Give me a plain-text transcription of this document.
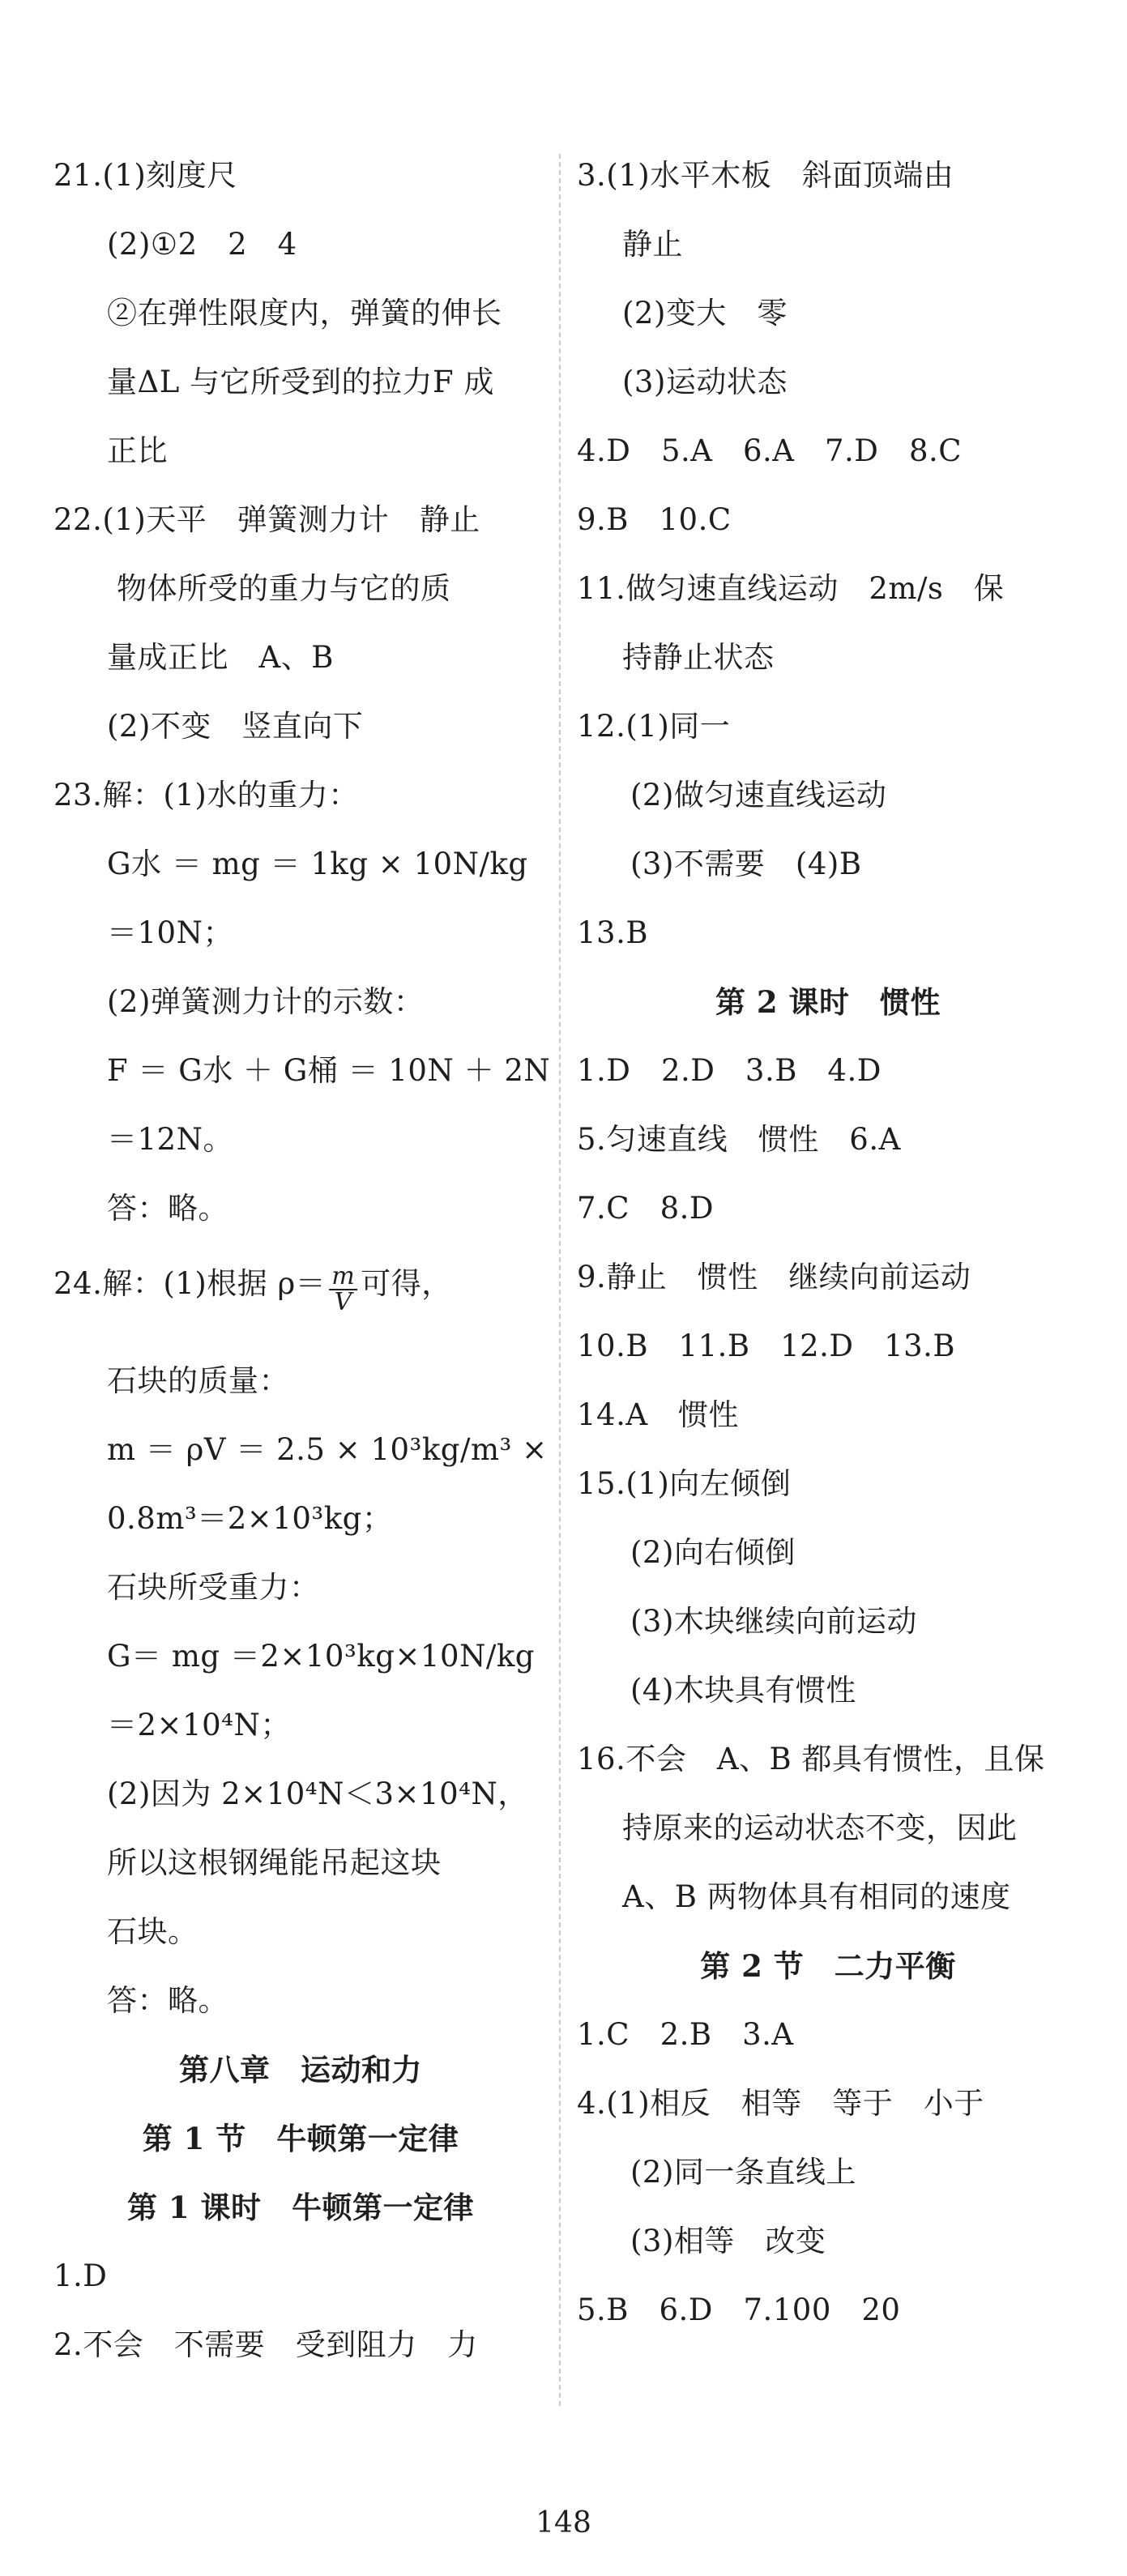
21.(1)刻度尺
(2)①2　2　4
②在弹性限度内，弹簧的伸长
量ΔL 与它所受到的拉力F 成
正比
22.(1)天平　弹簧测力计　静止
物体所受的重力与它的质
量成正比　A、B
(2)不变　竖直向下
23.解：(1)水的重力：
G水 ＝ mg ＝ 1kg × 10N/kg
＝10N；
(2)弹簧测力计的示数：
F ＝ G水 ＋ G桶 ＝ 10N ＋ 2N
＝12N。
答：略。
24.解：(1)根据 $\rho= \frac{m}{V}$ 可得，
石块的质量：
m ＝ ρV ＝ 2.5 × 10³kg/m³ ×
0.8m³＝2×10³kg；
石块所受重力：
G＝ mg ＝2×10³kg×10N/kg
＝2×10⁴N；
(2)因为 2×10⁴N＜3×10⁴N，
所以这根钢绳能吊起这块
石块。
答：略。
第八章　运动和力
第 1 节　牛顿第一定律
第 1 课时　牛顿第一定律
1.D
2.不会　不需要　受到阻力　力
3.(1)水平木板　斜面顶端由
静止
(2)变大　零
(3)运动状态
4.D　5.A　6.A　7.D　8.C
9.B　10.C
11.做匀速直线运动　2m/s　保
持静止状态
12.(1)同一
(2)做匀速直线运动
(3)不需要　(4)B
13.B
第 2 课时　惯性
1.D　2.D　3.B　4.D
5.匀速直线　惯性　6.A
7.C　8.D
9.静止　惯性　继续向前运动
10.B　11.B　12.D　13.B
14.A　惯性
15.(1)向左倾倒
(2)向右倾倒
(3)木块继续向前运动
(4)木块具有惯性
16.不会　A、B 都具有惯性，且保
持原来的运动状态不变，因此
A、B 两物体具有相同的速度
第 2 节　二力平衡
1.C　2.B　3.A
4.(1)相反　相等　等于　小于
(2)同一条直线上
(3)相等　改变
5.B　6.D　7.100　20
148
